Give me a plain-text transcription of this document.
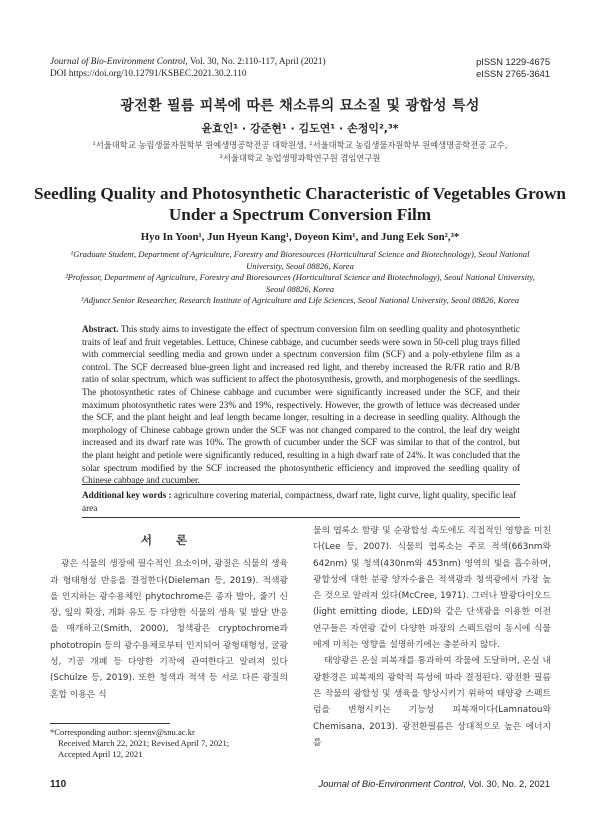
Journal of Bio-Environment Control, Vol. 30, No. 2:110-117, April (2021)
DOI https://doi.org/10.12791/KSBEC.2021.30.2.110
pISSN 1229-4675
eISSN 2765-3641
광전환 필름 피복에 따른 채소류의 묘소질 및 광합성 특성
윤효인¹ · 강준현¹ · 김도연¹ · 손정익²,³*
¹서울대학교 농림생물자원학부 원예생명공학전공 대학원생, ²서울대학교 농림생물자원학부 원예생명공학전공 교수,
³서울대학교 농업생명과학연구원 겸임연구원
Seedling Quality and Photosynthetic Characteristic of Vegetables Grown Under a Spectrum Conversion Film
Hyo In Yoon¹, Jun Hyeun Kang¹, Doyeon Kim¹, and Jung Eek Son²,³*
¹Graduate Student, Department of Agriculture, Forestry and Bioresources (Horticultural Science and Biotechnology), Seoul National University, Seoul 08826, Korea
²Professor, Department of Agriculture, Forestry and Bioresources (Horticultural Science and Biotechnology), Seoul National University, Seoul 08826, Korea
³Adjunct Senior Researcher, Research Institute of Agriculture and Life Sciences, Seoul National University, Seoul 08826, Korea
Abstract. This study aims to investigate the effect of spectrum conversion film on seedling quality and photosynthetic traits of leaf and fruit vegetables. Lettuce, Chinese cabbage, and cucumber seeds were sown in 50-cell plug trays filled with commercial seedling media and grown under a spectrum conversion film (SCF) and a poly-ethylene film as a control. The SCF decreased blue-green light and increased red light, and thereby increased the R/FR ratio and R/B ratio of solar spectrum, which was sufficient to affect the photosynthesis, growth, and morphogenesis of the seedlings. The photosynthetic rates of Chinese cabbage and cucumber were significantly increased under the SCF, and their maximum photosynthetic rates were 23% and 19%, respectively. However, the growth of lettuce was decreased under the SCF, and the plant height and leaf length became longer, resulting in a decrease in seedling quality. Although the morphology of Chinese cabbage grown under the SCF was not changed compared to the control, the leaf dry weight increased and its dwarf rate was 10%. The growth of cucumber under the SCF was similar to that of the control, but the plant height and petiole were significantly reduced, resulting in a high dwarf rate of 24%. It was concluded that the solar spectrum modified by the SCF increased the photosynthetic efficiency and improved the seedling quality of Chinese cabbage and cucumber.
Additional key words : agriculture covering material, compactness, dwarf rate, light curve, light quality, specific leaf area
서 론

광은 식물의 생장에 필수적인 요소이며, 광질은 식물의 생육과 형태형성 반응을 결정한다(Dieleman 등, 2019). 적색광을 인지하는 광수용체인 phytochrome은 종자 발아, 줄기 신장, 잎의 확장, 개화 유도 등 다양한 식물의 생육 및 발달 반응을 매개하고(Smith, 2000), 청색광은 cryptochrome과 phototropin 등의 광수용체로부터 인지되어 광형태형성, 굴광성, 기공 개폐 등 다양한 기작에 관여한다고 알려져 있다(Schulze 등, 2019). 또한 청색과 적색 등 서로 다른 광질의 혼합 이용은 식

물의 엽록소 함량 및 순광합성 속도에도 직접적인 영향을 미친다(Lee 등, 2007). 식물의 엽록소는 주로 적색(663nm와 642nm) 및 청색(430nm와 453nm) 영역의 빛을 흡수하며, 광합성에 대한 분광 양자수율은 적색광과 청색광에서 가장 높은 것으로 알려져 있다(McCree, 1971). 그러나 발광다이오드(light emitting diode, LED)와 같은 단색광을 이용한 이전 연구들은 자연광 같이 다양한 파장의 스펙트럼이 동시에 식물에게 미치는 영향을 설명하기에는 충분하지 않다.

태양광은 온실 피복재를 통과하여 작물에 도달하며, 온실 내 광환경은 피복재의 광학적 특성에 따라 결정된다. 광전환 필름은 작물의 광합성 및 생육을 향상시키기 위하여 태양광 스펙트럼을 변형시키는 기능성 피복재이다(Lamnatou와 Chemisana, 2013). 광전환필름은 상대적으로 높은 에너지를

*Corresponding author: sjeenv@snu.ac.kr
Received March 22, 2021; Revised April 7, 2021;
Accepted April 12, 2021
110	Journal of Bio-Environment Control, Vol. 30, No. 2, 2021
